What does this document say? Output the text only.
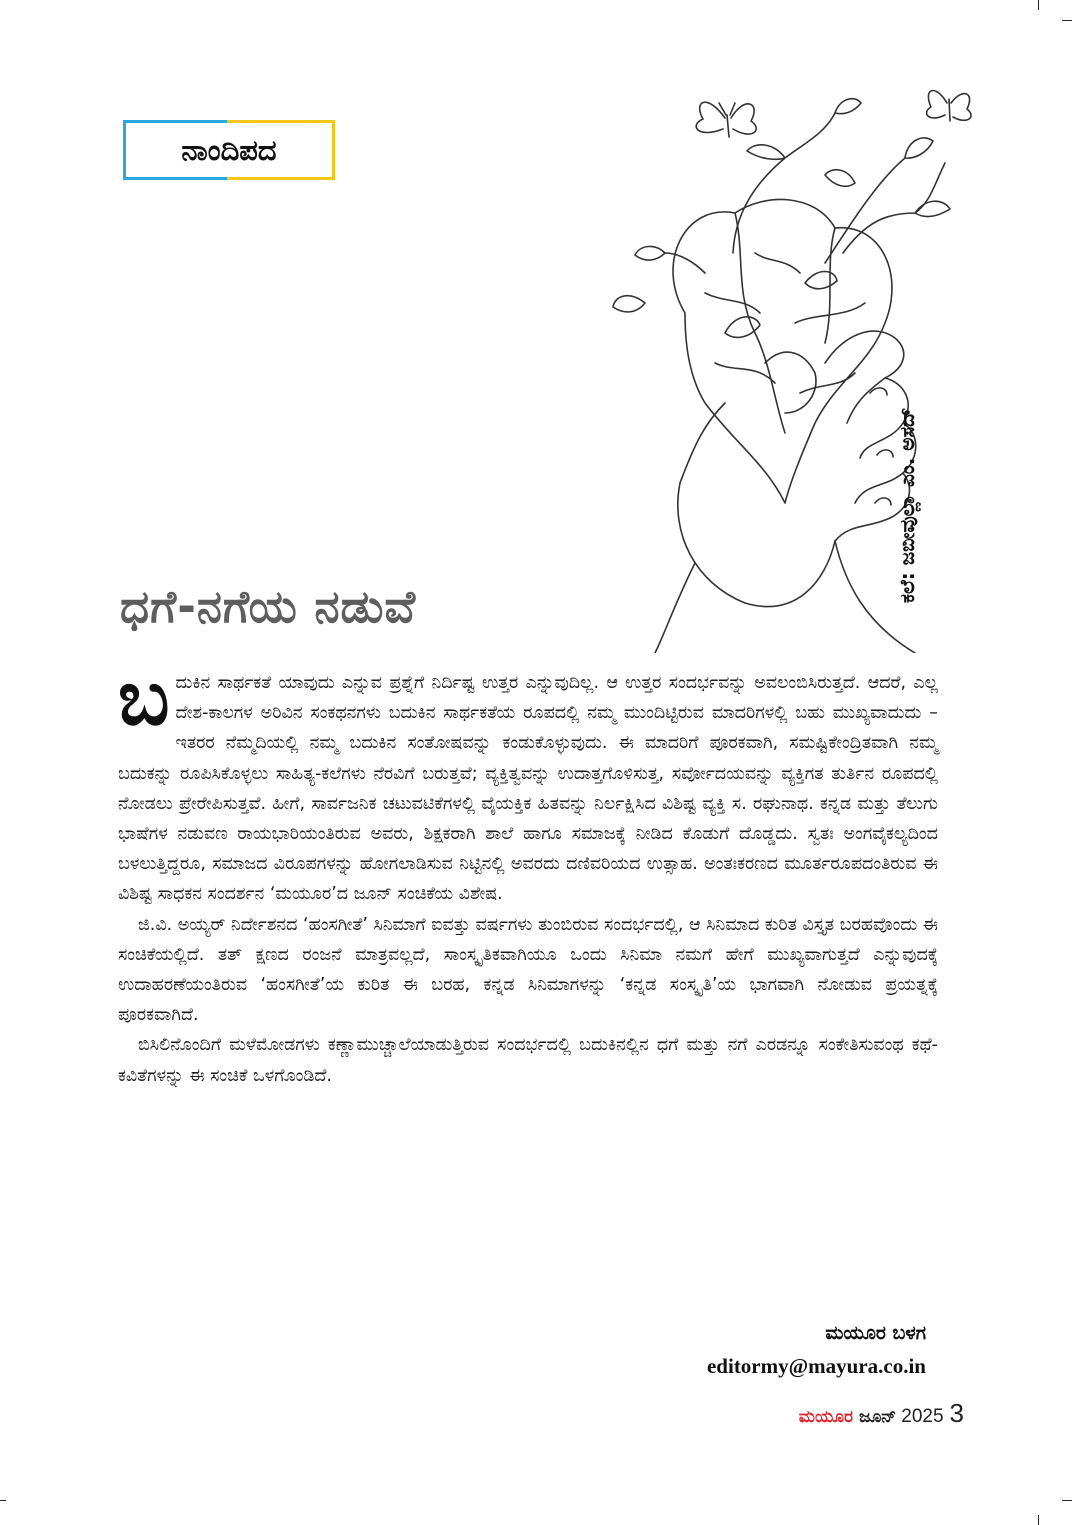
ನಾಂದಿಪದ
ಕಲೆ: ಜಬೀವುಲ್ಲಾ ಎಂ. ಅಸದ್
ಧಗೆ-ನಗೆಯ ನಡುವೆ

ಬದುಕಿನ ಸಾರ್ಥಕತೆ ಯಾವುದು ಎನ್ನುವ ಪ್ರಶ್ನೆಗೆ ನಿರ್ದಿಷ್ಟ ಉತ್ತರ ಎನ್ನುವುದಿಲ್ಲ. ಆ ಉತ್ತರ ಸಂದರ್ಭವನ್ನು ಅವಲಂಬಿಸಿರುತ್ತದೆ. ಆದರೆ, ಎಲ್ಲ ದೇಶ-ಕಾಲಗಳ ಅರಿವಿನ ಸಂಕಥನಗಳು ಬದುಕಿನ ಸಾರ್ಥಕತೆಯ ರೂಪದಲ್ಲಿ ನಮ್ಮ ಮುಂದಿಟ್ಟಿರುವ ಮಾದರಿಗಳಲ್ಲಿ ಬಹು ಮುಖ್ಯವಾದುದು – ಇತರರ ನೆಮ್ಮದಿಯಲ್ಲಿ ನಮ್ಮ ಬದುಕಿನ ಸಂತೋಷವನ್ನು ಕಂಡುಕೊಳ್ಳುವುದು. ಈ ಮಾದರಿಗೆ ಪೂರಕವಾಗಿ, ಸಮಷ್ಟಿಕೇಂದ್ರಿತವಾಗಿ ನಮ್ಮ ಬದುಕನ್ನು ರೂಪಿಸಿಕೊಳ್ಳಲು ಸಾಹಿತ್ಯ-ಕಲೆಗಳು ನೆರವಿಗೆ ಬರುತ್ತವೆ; ವ್ಯಕ್ತಿತ್ವವನ್ನು ಉದಾತ್ತಗೊಳಿಸುತ್ತ, ಸರ್ವೋದಯವನ್ನು ವ್ಯಕ್ತಿಗತ ತುರ್ತಿನ ರೂಪದಲ್ಲಿ ನೋಡಲು ಪ್ರೇರೇಪಿಸುತ್ತವೆ. ಹೀಗೆ, ಸಾರ್ವಜನಿಕ ಚಟುವಟಿಕೆಗಳಲ್ಲಿ ವೈಯಕ್ತಿಕ ಹಿತವನ್ನು ನಿರ್ಲಕ್ಷಿಸಿದ ವಿಶಿಷ್ಟ ವ್ಯಕ್ತಿ ಸ. ರಘುನಾಥ. ಕನ್ನಡ ಮತ್ತು ತೆಲುಗು ಭಾಷೆಗಳ ನಡುವಣ ರಾಯಭಾರಿಯಂತಿರುವ ಅವರು, ಶಿಕ್ಷಕರಾಗಿ ಶಾಲೆ ಹಾಗೂ ಸಮಾಜಕ್ಕೆ ನೀಡಿದ ಕೊಡುಗೆ ದೊಡ್ಡದು. ಸ್ವತಃ ಅಂಗವೈಕಲ್ಯದಿಂದ ಬಳಲುತ್ತಿದ್ದರೂ, ಸಮಾಜದ ವಿರೂಪಗಳನ್ನು ಹೋಗಲಾಡಿಸುವ ನಿಟ್ಟಿನಲ್ಲಿ ಅವರದು ದಣಿವರಿಯದ ಉತ್ಸಾಹ. ಅಂತಃಕರಣದ ಮೂರ್ತರೂಪದಂತಿರುವ ಈ ವಿಶಿಷ್ಟ ಸಾಧಕನ ಸಂದರ್ಶನ ‘ಮಯೂರ’ದ ಜೂನ್ ಸಂಚಿಕೆಯ ವಿಶೇಷ.

ಜಿ.ವಿ. ಅಯ್ಯರ್ ನಿರ್ದೇಶನದ ‘ಹಂಸಗೀತೆ’ ಸಿನಿಮಾಗೆ ಐವತ್ತು ವರ್ಷಗಳು ತುಂಬಿರುವ ಸಂದರ್ಭದಲ್ಲಿ, ಆ ಸಿನಿಮಾದ ಕುರಿತ ವಿಸ್ತೃತ ಬರಹವೊಂದು ಈ ಸಂಚಿಕೆಯಲ್ಲಿದೆ. ತತ್ ಕ್ಷಣದ ರಂಜನೆ ಮಾತ್ರವಲ್ಲದೆ, ಸಾಂಸ್ಕೃತಿಕವಾಗಿಯೂ ಒಂದು ಸಿನಿಮಾ ನಮಗೆ ಹೇಗೆ ಮುಖ್ಯವಾಗುತ್ತದೆ ಎನ್ನುವುದಕ್ಕೆ ಉದಾಹರಣೆಯಂತಿರುವ ‘ಹಂಸಗೀತೆ’ಯ ಕುರಿತ ಈ ಬರಹ, ಕನ್ನಡ ಸಿನಿಮಾಗಳನ್ನು ‘ಕನ್ನಡ ಸಂಸ್ಕೃತಿ’ಯ ಭಾಗವಾಗಿ ನೋಡುವ ಪ್ರಯತ್ನಕ್ಕೆ ಪೂರಕವಾಗಿದೆ.

ಬಿಸಿಲಿನೊಂದಿಗೆ ಮಳೆಮೋಡಗಳು ಕಣ್ಣಾಮುಚ್ಚಾಲೆಯಾಡುತ್ತಿರುವ ಸಂದರ್ಭದಲ್ಲಿ ಬದುಕಿನಲ್ಲಿನ ಧಗೆ ಮತ್ತು ನಗೆ ಎರಡನ್ನೂ ಸಂಕೇತಿಸುವಂಥ ಕಥೆ-ಕವಿತೆಗಳನ್ನು ಈ ಸಂಚಿಕೆ ಒಳಗೊಂಡಿದೆ.

ಮಯೂರ ಬಳಗ
editormy@mayura.co.in
ಮಯೂರ ಜೂನ್ 2025 3
